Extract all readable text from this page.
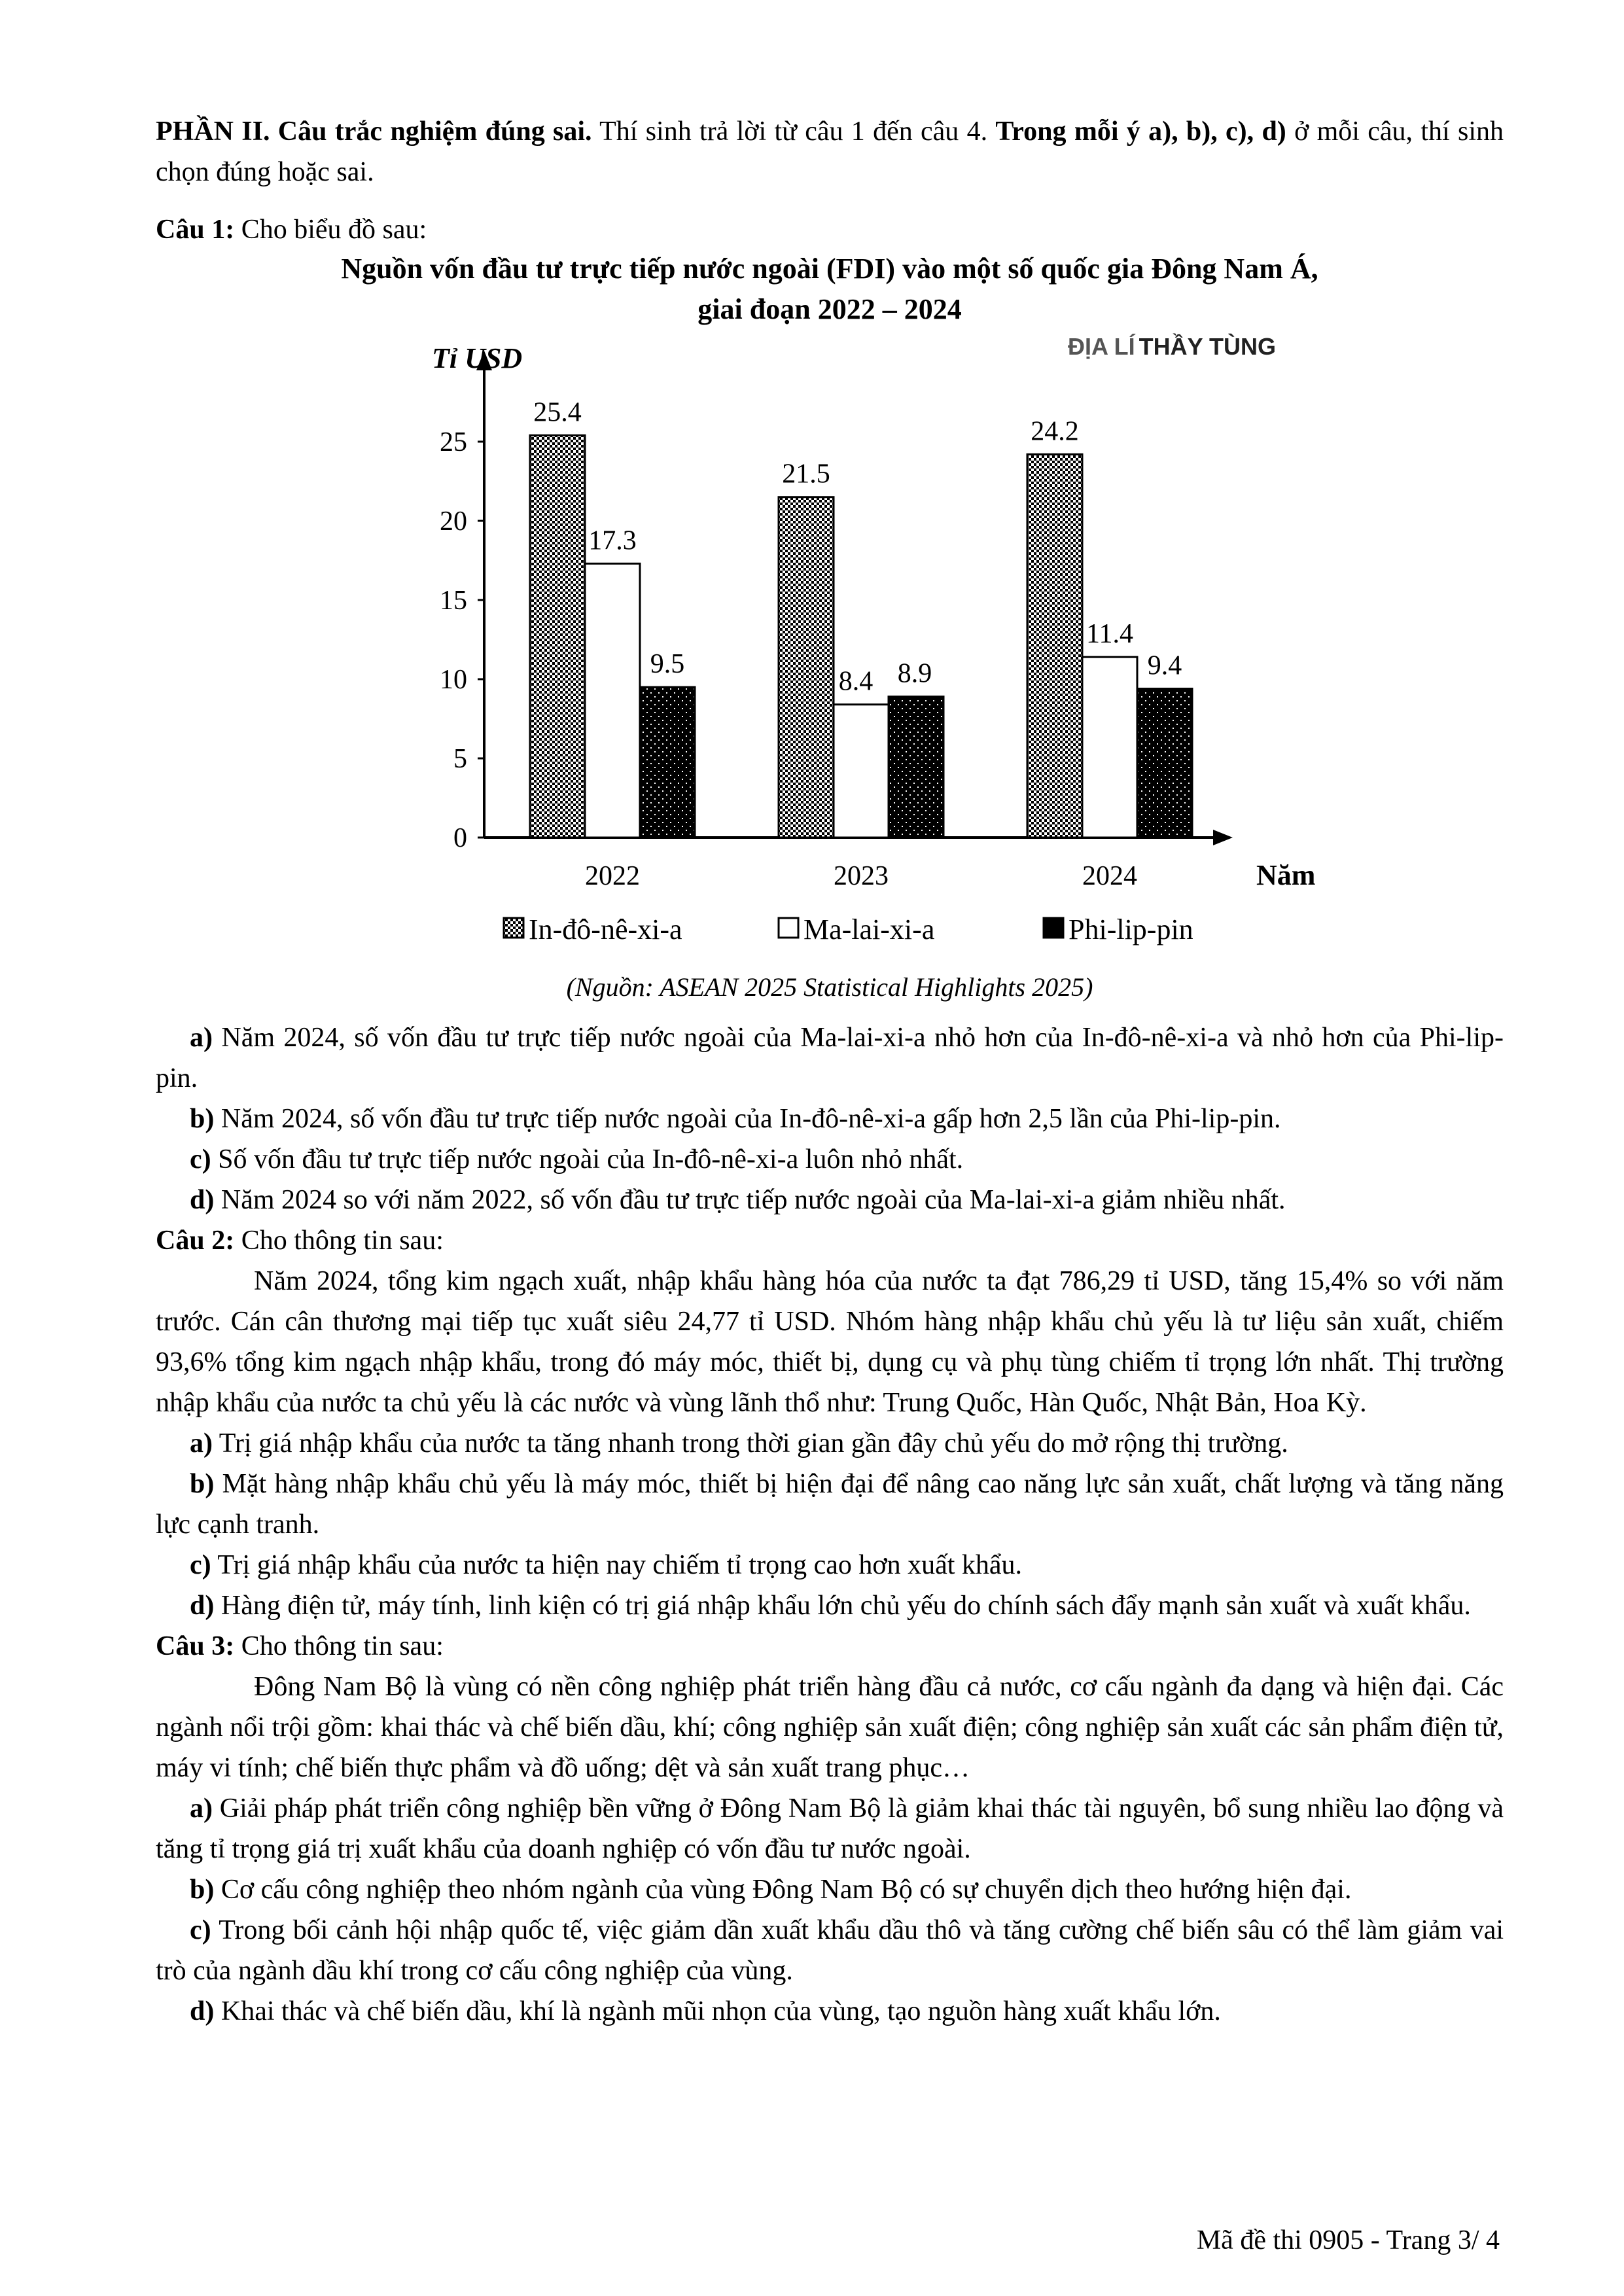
PHẦN II. Câu trắc nghiệm đúng sai. Thí sinh trả lời từ câu 1 đến câu 4. Trong mỗi ý a), b), c), d) ở mỗi câu, thí sinh chọn đúng hoặc sai.

Câu 1: Cho biểu đồ sau:

Nguồn vốn đầu tư trực tiếp nước ngoài (FDI) vào một số quốc gia Đông Nam Á,
giai đoạn 2022 – 2024
0
5
10
15
20
25
Tỉ USD
Năm
25.4
17.3
9.5
2022
21.5
8.4 8.9
2023
24.2
11.4
9.4
2024
In-đô-nê-xi-a	Ma-lai-xi-a	Phi-lip-pin
ĐỊA LÍ THẦY TÙNG
(Nguồn: ASEAN 2025 Statistical Highlights 2025)

a) Năm 2024, số vốn đầu tư trực tiếp nước ngoài của Ma-lai-xi-a nhỏ hơn của In-đô-nê-xi-a và nhỏ hơn của Phi-lip-pin.

b) Năm 2024, số vốn đầu tư trực tiếp nước ngoài của In-đô-nê-xi-a gấp hơn 2,5 lần của Phi-lip-pin.

c) Số vốn đầu tư trực tiếp nước ngoài của In-đô-nê-xi-a luôn nhỏ nhất.

d) Năm 2024 so với năm 2022, số vốn đầu tư trực tiếp nước ngoài của Ma-lai-xi-a giảm nhiều nhất.

Câu 2: Cho thông tin sau:

Năm 2024, tổng kim ngạch xuất, nhập khẩu hàng hóa của nước ta đạt 786,29 tỉ USD, tăng 15,4% so với năm trước. Cán cân thương mại tiếp tục xuất siêu 24,77 tỉ USD. Nhóm hàng nhập khẩu chủ yếu là tư liệu sản xuất, chiếm 93,6% tổng kim ngạch nhập khẩu, trong đó máy móc, thiết bị, dụng cụ và phụ tùng chiếm tỉ trọng lớn nhất. Thị trường nhập khẩu của nước ta chủ yếu là các nước và vùng lãnh thổ như: Trung Quốc, Hàn Quốc, Nhật Bản, Hoa Kỳ.

a) Trị giá nhập khẩu của nước ta tăng nhanh trong thời gian gần đây chủ yếu do mở rộng thị trường.

b) Mặt hàng nhập khẩu chủ yếu là máy móc, thiết bị hiện đại để nâng cao năng lực sản xuất, chất lượng và tăng năng lực cạnh tranh.

c) Trị giá nhập khẩu của nước ta hiện nay chiếm tỉ trọng cao hơn xuất khẩu.

d) Hàng điện tử, máy tính, linh kiện có trị giá nhập khẩu lớn chủ yếu do chính sách đẩy mạnh sản xuất và xuất khẩu.

Câu 3: Cho thông tin sau:

Đông Nam Bộ là vùng có nền công nghiệp phát triển hàng đầu cả nước, cơ cấu ngành đa dạng và hiện đại. Các ngành nổi trội gồm: khai thác và chế biến dầu, khí; công nghiệp sản xuất điện; công nghiệp sản xuất các sản phẩm điện tử, máy vi tính; chế biến thực phẩm và đồ uống; dệt và sản xuất trang phục…

a) Giải pháp phát triển công nghiệp bền vững ở Đông Nam Bộ là giảm khai thác tài nguyên, bổ sung nhiều lao động và tăng tỉ trọng giá trị xuất khẩu của doanh nghiệp có vốn đầu tư nước ngoài.

b) Cơ cấu công nghiệp theo nhóm ngành của vùng Đông Nam Bộ có sự chuyển dịch theo hướng hiện đại.

c) Trong bối cảnh hội nhập quốc tế, việc giảm dần xuất khẩu dầu thô và tăng cường chế biến sâu có thể làm giảm vai trò của ngành dầu khí trong cơ cấu công nghiệp của vùng.

d) Khai thác và chế biến dầu, khí là ngành mũi nhọn của vùng, tạo nguồn hàng xuất khẩu lớn.

Mã đề thi 0905 - Trang 3/ 4
